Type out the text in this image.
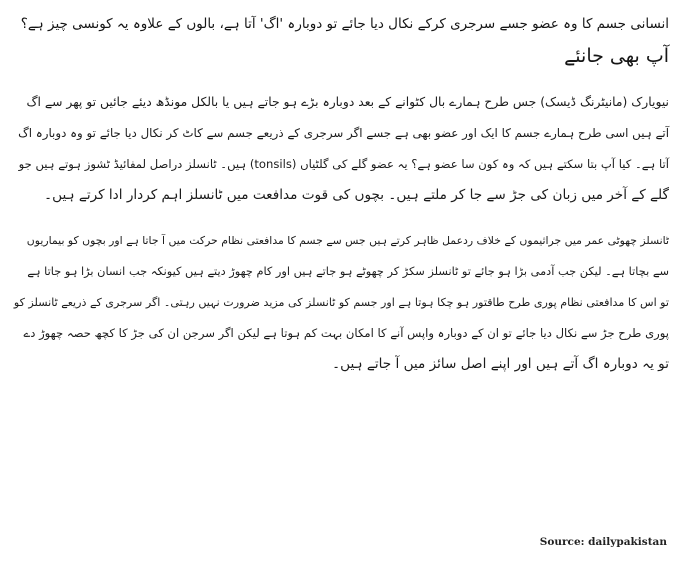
انسانی جسم کا وہ عضو جسے سرجری کرکے نکال دیا جائے تو دوبارہ 'اگ' آتا ہے، بالوں کے علاوہ یہ کونسی چیز ہے؟
آپ بھی جانئے

نیویارک (مانیٹرنگ ڈیسک) جس طرح ہمارے بال کٹوانے کے بعد دوبارہ بڑے ہو جاتے ہیں یا بالکل مونڈھ دیئے جائیں تو پھر سے اگ
آتے ہیں اسی طرح ہمارے جسم کا ایک اور عضو بھی ہے جسے اگر سرجری کے ذریعے جسم سے کاٹ کر نکال دیا جائے تو وہ دوبارہ اگ
آتا ہے۔ کیا آپ بتا سکتے ہیں کہ وہ کون سا عضو ہے؟ یہ عضو گلے کی گلٹیاں (tonsils) ہیں۔ ٹانسلز دراصل لمفائیڈ ٹشوز ہوتے ہیں جو
گلے کے آخر میں زبان کی جڑ سے جا کر ملتے ہیں۔ بچوں کی قوت مدافعت میں ٹانسلز اہم کردار ادا کرتے ہیں۔

ٹانسلز چھوٹی عمر میں جراثیموں کے خلاف ردعمل ظاہر کرتے ہیں جس سے جسم کا مدافعتی نظام حرکت میں آ جاتا ہے اور بچوں کو بیماریوں
سے بچاتا ہے۔ لیکن جب آدمی بڑا ہو جائے تو ٹانسلز سکڑ کر چھوٹے ہو جاتے ہیں اور کام چھوڑ دیتے ہیں کیونکہ جب انسان بڑا ہو جاتا ہے
تو اس کا مدافعتی نظام پوری طرح طاقتور ہو چکا ہوتا ہے اور جسم کو ٹانسلز کی مزید ضرورت نہیں رہتی۔ اگر سرجری کے ذریعے ٹانسلز کو
پوری طرح جڑ سے نکال دیا جائے تو ان کے دوبارہ واپس آنے کا امکان بہت کم ہوتا ہے لیکن اگر سرجن ان کی جڑ کا کچھ حصہ چھوڑ دے
تو یہ دوبارہ اگ آتے ہیں اور اپنے اصل سائز میں آ جاتے ہیں۔

Source: dailypakistan
